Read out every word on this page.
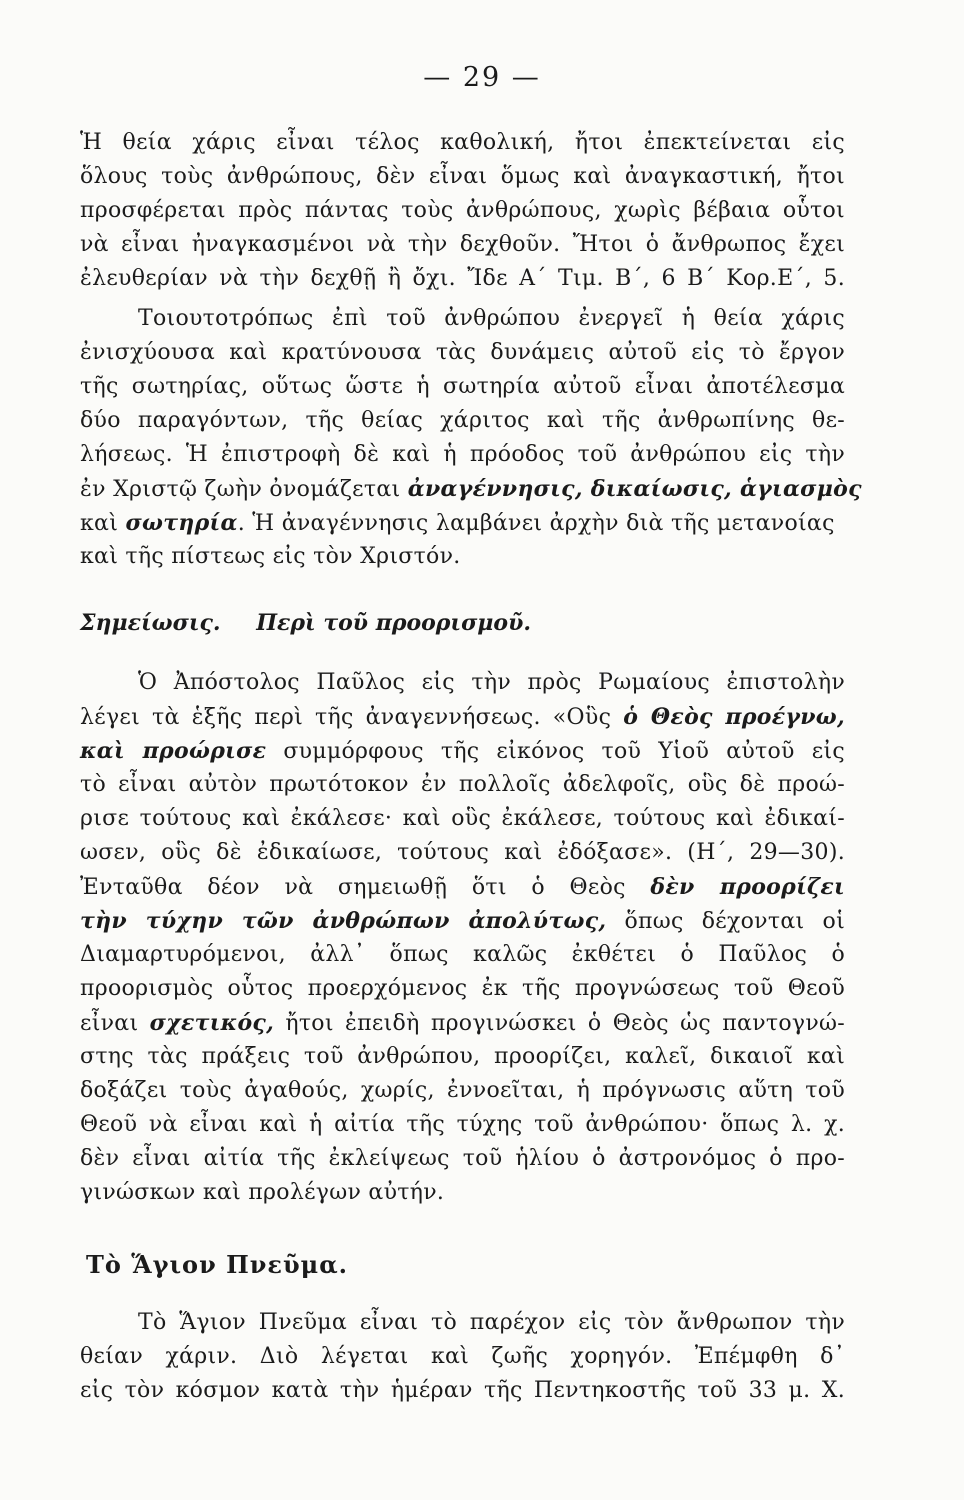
— 29 —
Ἡ θεία χάρις εἶναι τέλος καθολική, ἤτοι ἐπεκτείνεται εἰς
ὅλους τοὺς ἀνθρώπους, δὲν εἶναι ὅμως καὶ ἀναγκαστική, ἤτοι
προσφέρεται πρὸς πάντας τοὺς ἀνθρώπους, χωρὶς βέβαια οὗτοι
νὰ εἶναι ἠναγκασμένοι νὰ τὴν δεχθοῦν. Ἤτοι ὁ ἄνθρωπος ἔχει
ἐλευθερίαν νὰ τὴν δεχθῇ ἢ ὄχι. Ἴδε Α΄ Τιμ. Β΄, 6 Β΄ Κορ.Ε΄, 5.
Τοιουτοτρόπως ἐπὶ τοῦ ἀνθρώπου ἐνεργεῖ ἡ θεία χάρις
ἐνισχύουσα καὶ κρατύνουσα τὰς δυνάμεις αὐτοῦ εἰς τὸ ἔργον
τῆς σωτηρίας, οὕτως ὥστε ἡ σωτηρία αὐτοῦ εἶναι ἀποτέλεσμα
δύο παραγόντων, τῆς θείας χάριτος καὶ τῆς ἀνθρωπίνης θε-
λήσεως. Ἡ ἐπιστροφὴ δὲ καὶ ἡ πρόοδος τοῦ ἀνθρώπου εἰς τὴν
ἐν Χριστῷ ζωὴν ὀνομάζεται ἀναγέννησις, δικαίωσις, ἁγιασμὸς
καὶ σωτηρία. Ἡ ἀναγέννησις λαμβάνει ἀρχὴν διὰ τῆς μετανοίας
καὶ τῆς πίστεως εἰς τὸν Χριστόν.
Σημείωσις. Περὶ τοῦ προορισμοῦ.
Ὁ Ἀπόστολος Παῦλος εἰς τὴν πρὸς Ρωμαίους ἐπιστολὴν
λέγει τὰ ἑξῆς περὶ τῆς ἀναγεννήσεως. «Οὓς ὁ Θεὸς προέγνω,
καὶ προώρισε συμμόρφους τῆς εἰκόνος τοῦ Υἱοῦ αὐτοῦ εἰς
τὸ εἶναι αὐτὸν πρωτότοκον ἐν πολλοῖς ἀδελφοῖς, οὓς δὲ προώ-
ρισε τούτους καὶ ἐκάλεσε· καὶ οὓς ἐκάλεσε, τούτους καὶ ἐδικαί-
ωσεν, οὓς δὲ ἐδικαίωσε, τούτους καὶ ἐδόξασε». (Η΄, 29—30).
Ἐνταῦθα δέον νὰ σημειωθῇ ὅτι ὁ Θεὸς δὲν προορίζει
τὴν τύχην τῶν ἀνθρώπων ἀπολύτως, ὅπως δέχονται οἱ
Διαμαρτυρόμενοι, ἀλλ᾽ ὅπως καλῶς ἐκθέτει ὁ Παῦλος ὁ
προορισμὸς οὗτος προερχόμενος ἐκ τῆς προγνώσεως τοῦ Θεοῦ
εἶναι σχετικός, ἤτοι ἐπειδὴ προγινώσκει ὁ Θεὸς ὡς παντογνώ-
στης τὰς πράξεις τοῦ ἀνθρώπου, προορίζει, καλεῖ, δικαιοῖ καὶ
δοξάζει τοὺς ἀγαθούς, χωρίς, ἐννοεῖται, ἡ πρόγνωσις αὕτη τοῦ
Θεοῦ νὰ εἶναι καὶ ἡ αἰτία τῆς τύχης τοῦ ἀνθρώπου· ὅπως λ. χ.
δὲν εἶναι αἰτία τῆς ἐκλείψεως τοῦ ἡλίου ὁ ἀστρονόμος ὁ προ-
γινώσκων καὶ προλέγων αὐτήν.
Τὸ Ἅγιον Πνεῦμα.
Τὸ Ἅγιον Πνεῦμα εἶναι τὸ παρέχον εἰς τὸν ἄνθρωπον τὴν
θείαν χάριν. Διὸ λέγεται καὶ ζωῆς χορηγόν. Ἐπέμφθη δ᾽
εἰς τὸν κόσμον κατὰ τὴν ἡμέραν τῆς Πεντηκοστῆς τοῦ 33 μ. Χ.
